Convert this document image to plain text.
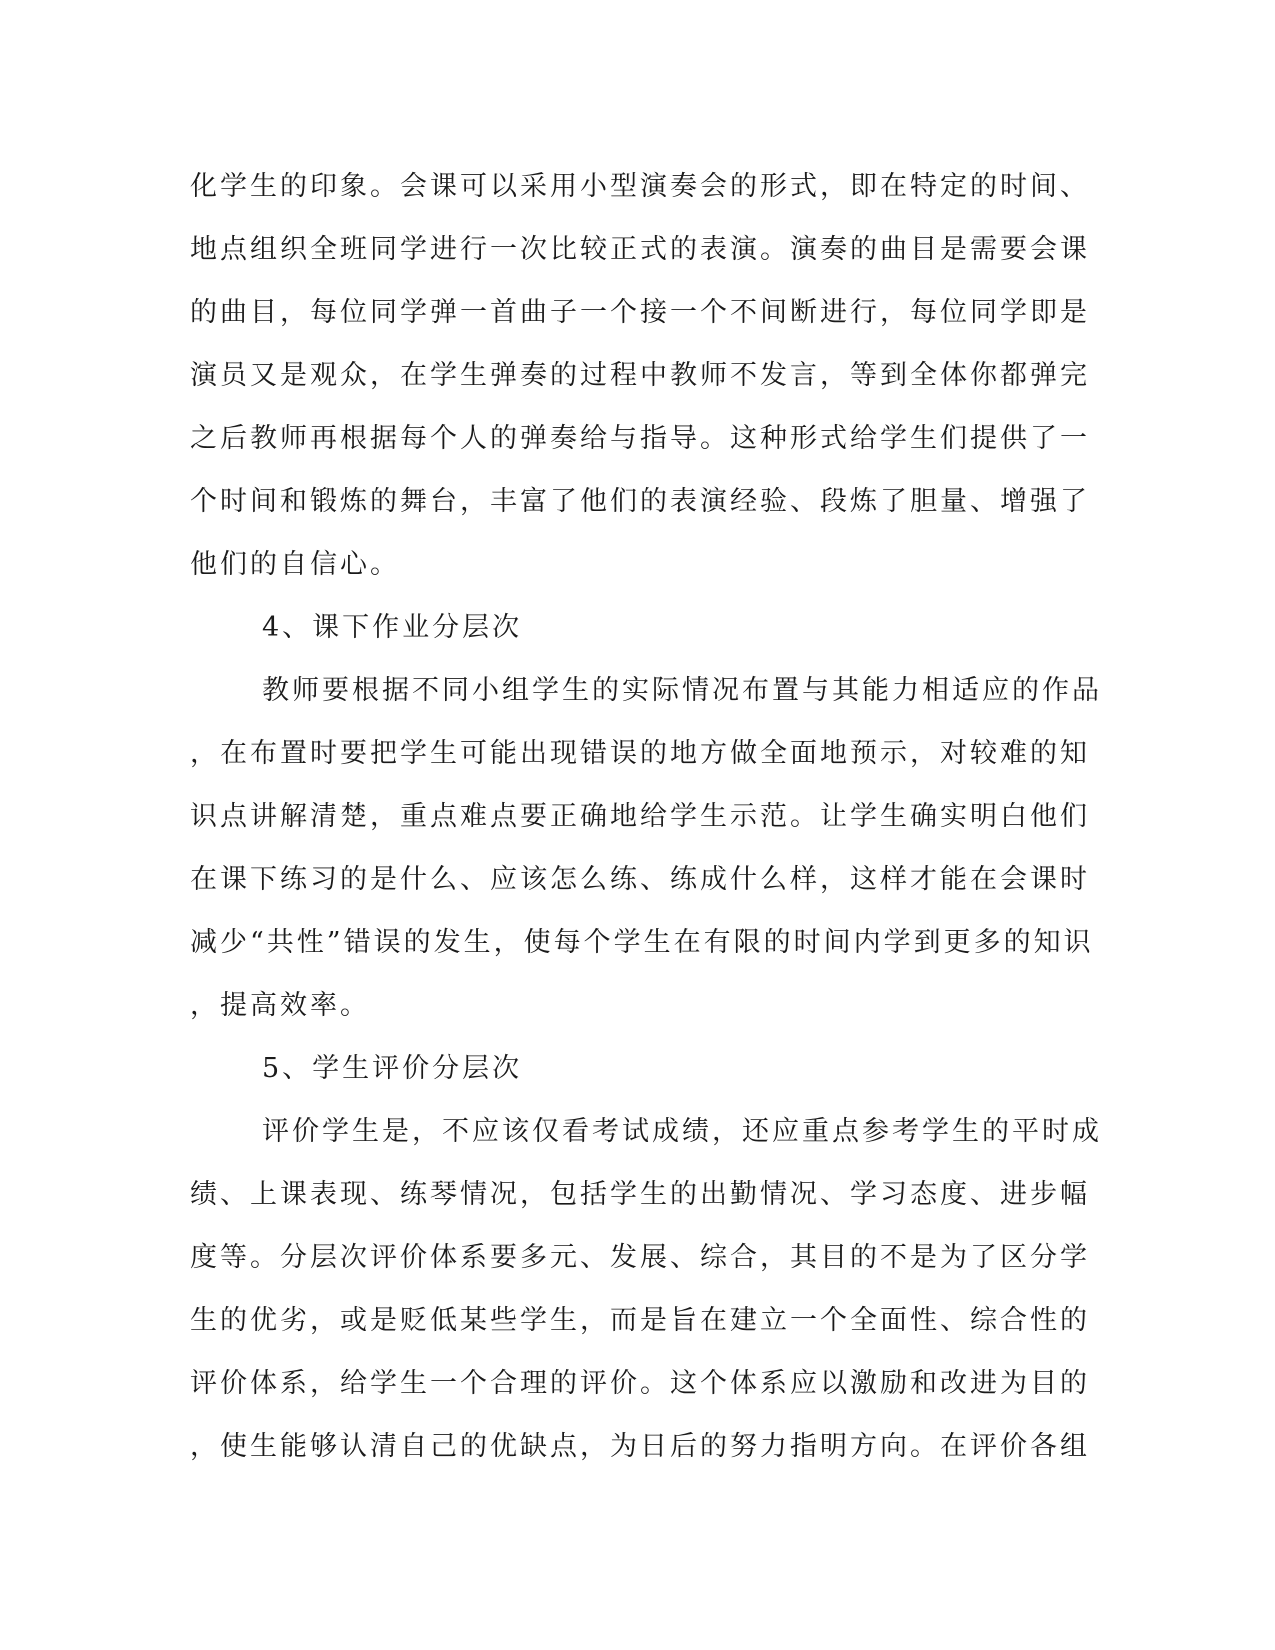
化学生的印象。会课可以采用小型演奏会的形式，即在特定的时间、
地点组织全班同学进行一次比较正式的表演。演奏的曲目是需要会课
的曲目，每位同学弹一首曲子一个接一个不间断进行，每位同学即是
演员又是观众，在学生弹奏的过程中教师不发言，等到全体你都弹完
之后教师再根据每个人的弹奏给与指导。这种形式给学生们提供了一
个时间和锻炼的舞台，丰富了他们的表演经验、段炼了胆量、增强了
他们的自信心。
4、课下作业分层次
教师要根据不同小组学生的实际情况布置与其能力相适应的作品
，在布置时要把学生可能出现错误的地方做全面地预示，对较难的知
识点讲解清楚，重点难点要正确地给学生示范。让学生确实明白他们
在课下练习的是什么、应该怎么练、练成什么样，这样才能在会课时
减少“共性”错误的发生，使每个学生在有限的时间内学到更多的知识
，提高效率。
5、学生评价分层次
评价学生是，不应该仅看考试成绩，还应重点参考学生的平时成
绩、上课表现、练琴情况，包括学生的出勤情况、学习态度、进步幅
度等。分层次评价体系要多元、发展、综合，其目的不是为了区分学
生的优劣，或是贬低某些学生，而是旨在建立一个全面性、综合性的
评价体系，给学生一个合理的评价。这个体系应以激励和改进为目的
，使生能够认清自己的优缺点，为日后的努力指明方向。在评价各组
